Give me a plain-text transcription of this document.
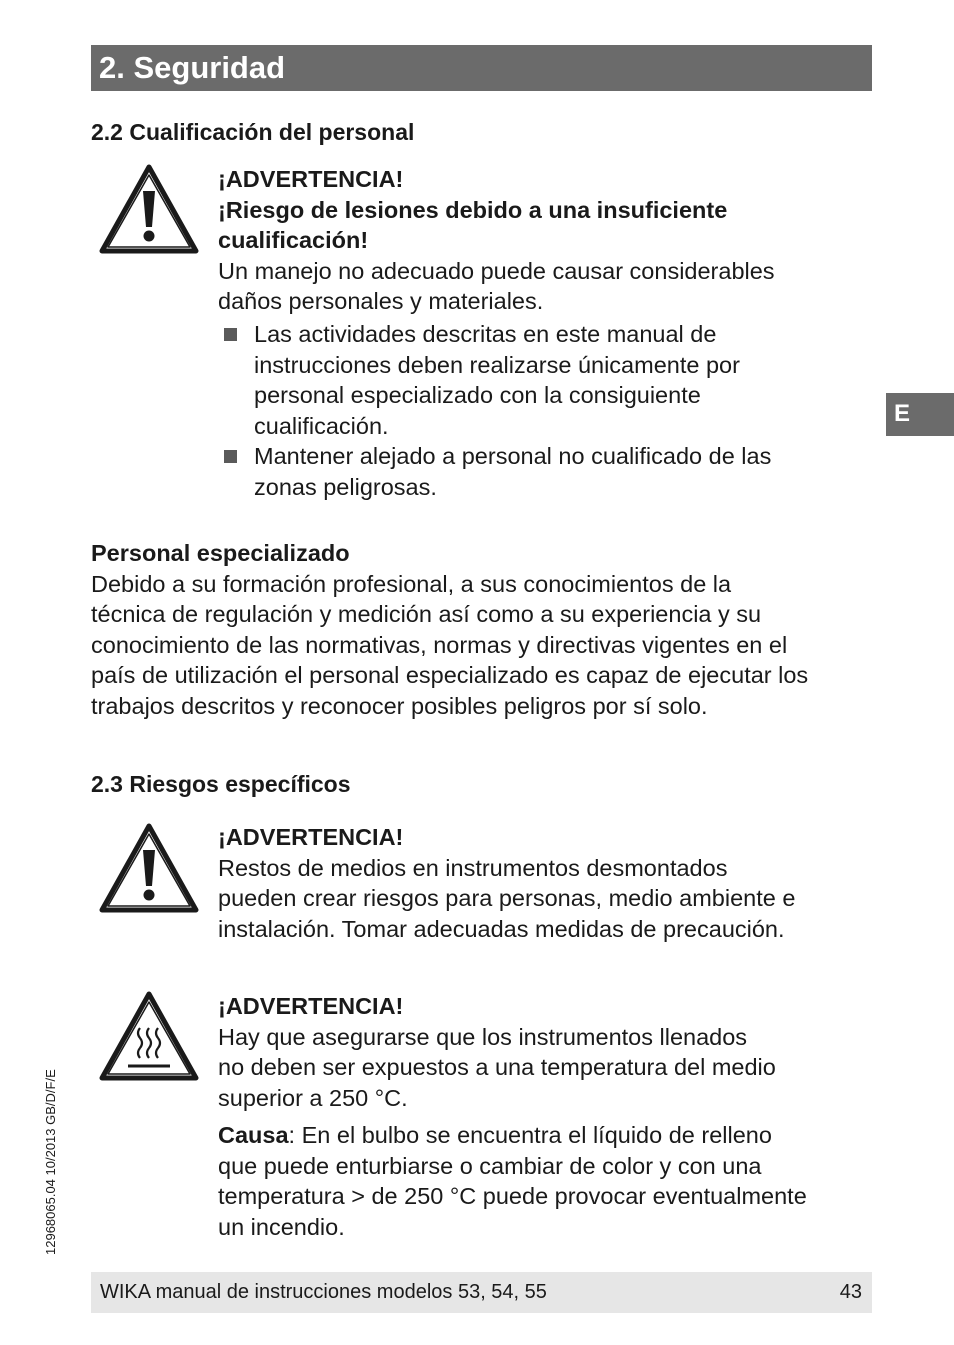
2. Seguridad
E
2.2 Cualificación del personal

¡ADVERTENCIA!

¡Riesgo de lesiones debido a una insuficiente

cualificación!

Un manejo no adecuado puede causar considerables

daños personales y materiales.

Las actividades descritas en este manual de

instrucciones deben realizarse únicamente por

personal especializado con la consiguiente

cualificación.

Mantener alejado a personal no cualificado de las

zonas peligrosas.

Personal especializado

Debido a su formación profesional, a sus conocimientos de la

técnica de regulación y medición así como a su experiencia y su

conocimiento de las normativas, normas y directivas vigentes en el

país de utilización el personal especializado es capaz de ejecutar los

trabajos descritos y reconocer posibles peligros por sí solo.

2.3 Riesgos específicos

¡ADVERTENCIA!

Restos de medios en instrumentos desmontados

pueden crear riesgos para personas, medio ambiente e

instalación. Tomar adecuadas medidas de precaución.

¡ADVERTENCIA!

Hay que asegurarse que los instrumentos llenados

no deben ser expuestos a una temperatura del medio

superior a 250 °C.

Causa: En el bulbo se encuentra el líquido de relleno

que puede enturbiarse o cambiar de color y con una

temperatura > de 250 °C puede provocar eventualmente

un incendio.

12968065.04 10/2013 GB/D/F/E
WIKA manual de instrucciones modelos 53, 54, 55	43
